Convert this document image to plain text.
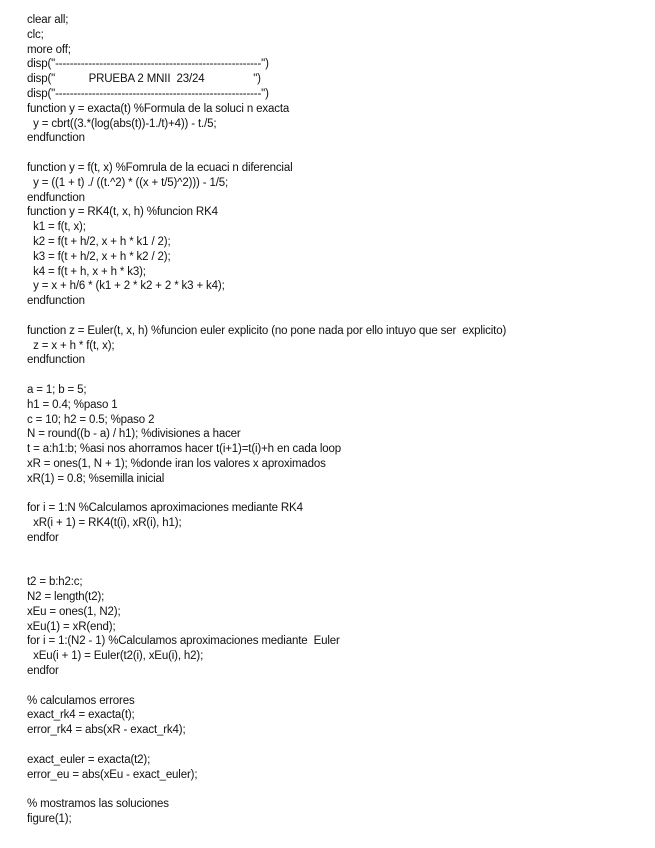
clear all;
clc;
more off;
disp("--------------------------------------------------------")
disp("           PRUEBA 2 MNII  23/24                ")
disp("--------------------------------------------------------")
function y = exacta(t) %Formula de la soluci n exacta
y = cbrt((3.*(log(abs(t))-1./t)+4)) - t./5;
endfunction
function y = f(t, x) %Fomrula de la ecuaci n diferencial
y = ((1 + t) ./ ((t.^2) * ((x + t/5)^2))) - 1/5;
endfunction
function y = RK4(t, x, h) %funcion RK4
k1 = f(t, x);
k2 = f(t + h/2, x + h * k1 / 2);
k3 = f(t + h/2, x + h * k2 / 2);
k4 = f(t + h, x + h * k3);
y = x + h/6 * (k1 + 2 * k2 + 2 * k3 + k4);
endfunction
function z = Euler(t, x, h) %funcion euler explicito (no pone nada por ello intuyo que ser  explicito)
z = x + h * f(t, x);
endfunction
a = 1; b = 5;
h1 = 0.4; %paso 1
c = 10; h2 = 0.5; %paso 2
N = round((b - a) / h1); %divisiones a hacer
t = a:h1:b; %asi nos ahorramos hacer t(i+1)=t(i)+h en cada loop
xR = ones(1, N + 1); %donde iran los valores x aproximados
xR(1) = 0.8; %semilla inicial
for i = 1:N %Calculamos aproximaciones mediante RK4
xR(i + 1) = RK4(t(i), xR(i), h1);
endfor
t2 = b:h2:c;
N2 = length(t2);
xEu = ones(1, N2);
xEu(1) = xR(end);
for i = 1:(N2 - 1) %Calculamos aproximaciones mediante  Euler
xEu(i + 1) = Euler(t2(i), xEu(i), h2);
endfor
% calculamos errores
exact_rk4 = exacta(t);
error_rk4 = abs(xR - exact_rk4);
exact_euler = exacta(t2);
error_eu = abs(xEu - exact_euler);
% mostramos las soluciones
figure(1);
